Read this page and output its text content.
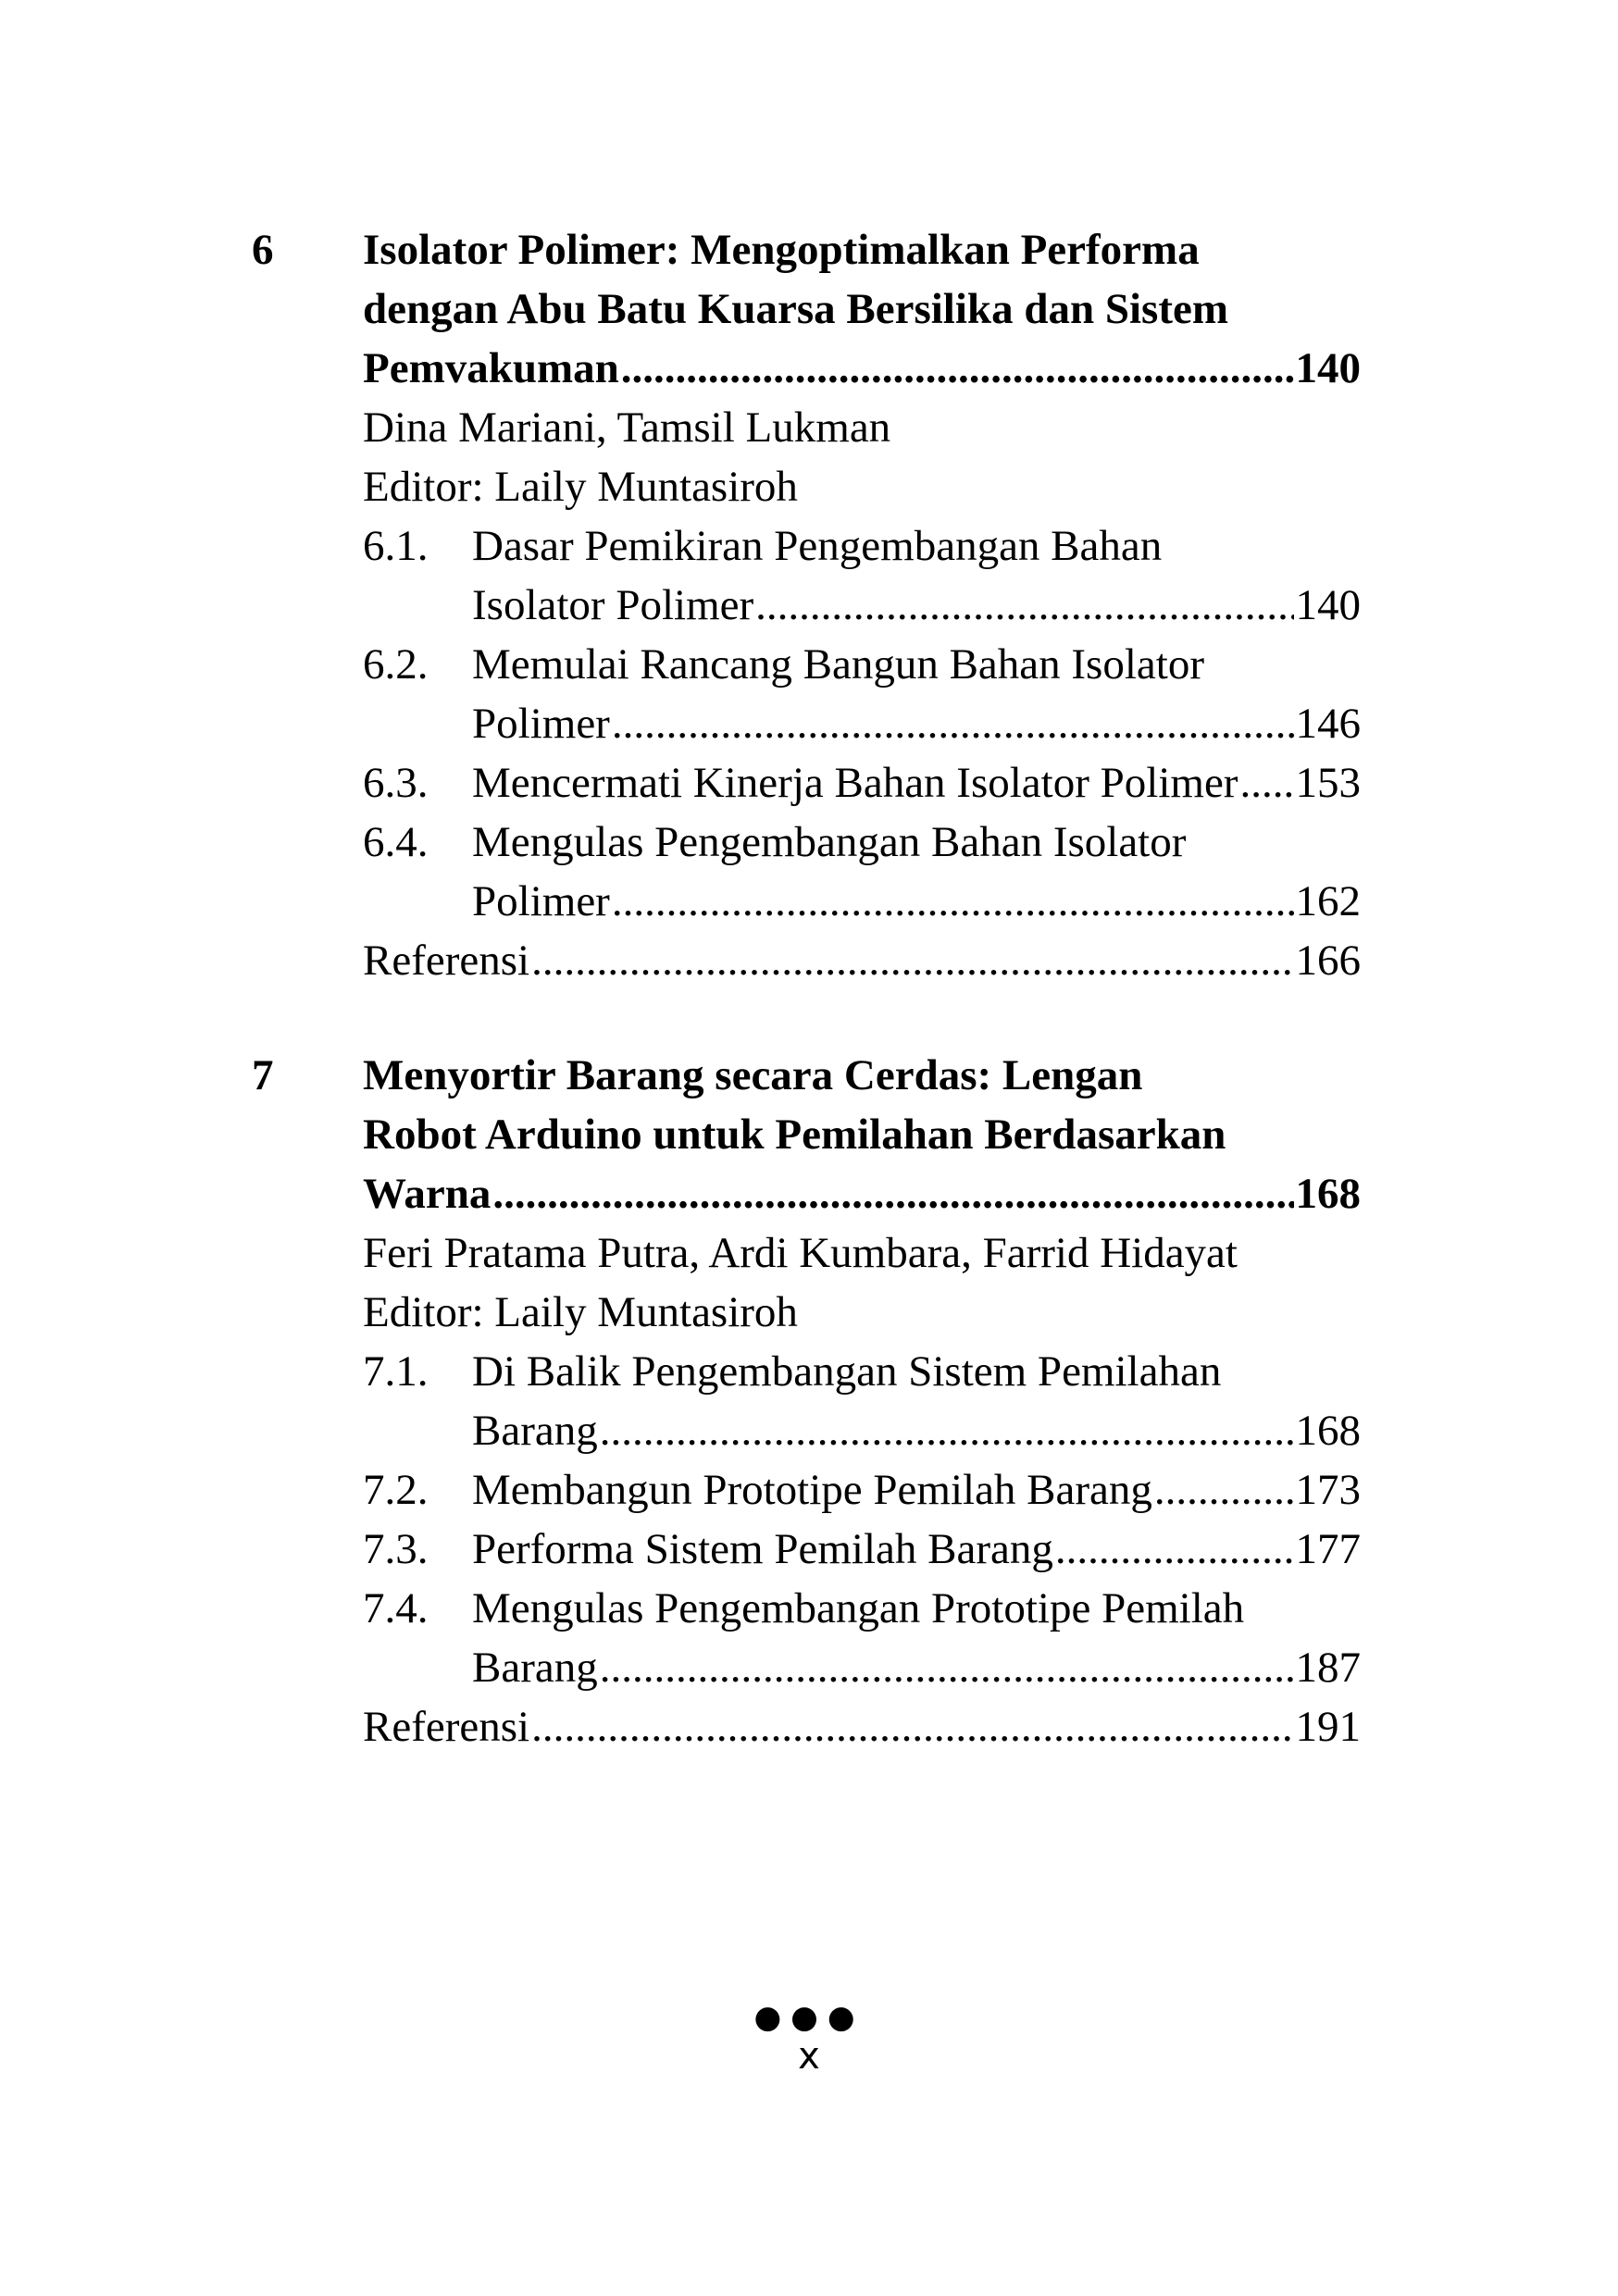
6 Isolator Polimer: Mengoptimalkan Performa
dengan Abu Batu Kuarsa Bersilika dan Sistem
Pemvakuman .....	140
Dina Mariani, Tamsil Lukman
Editor: Laily Muntasiroh
6.1. Dasar Pemikiran Pengembangan Bahan
Isolator Polimer .....	140
6.2. Memulai Rancang Bangun Bahan Isolator
Polimer .....	146
6.3. Mencermati Kinerja Bahan Isolator Polimer ..... 153
6.4. Mengulas Pengembangan Bahan Isolator
Polimer .....	162
Referensi .....	166
7 Menyortir Barang secara Cerdas: Lengan
Robot Arduino untuk Pemilahan Berdasarkan
Warna .....	168
Feri Pratama Putra, Ardi Kumbara, Farrid Hidayat
Editor: Laily Muntasiroh
7.1. Di Balik Pengembangan Sistem Pemilahan
Barang .....	168
7.2. Membangun Prototipe Pemilah Barang .....	173
7.3. Performa Sistem Pemilah Barang .....	177
7.4. Mengulas Pengembangan Prototipe Pemilah
Barang .....	187
Referensi .....	191
●●●
x
